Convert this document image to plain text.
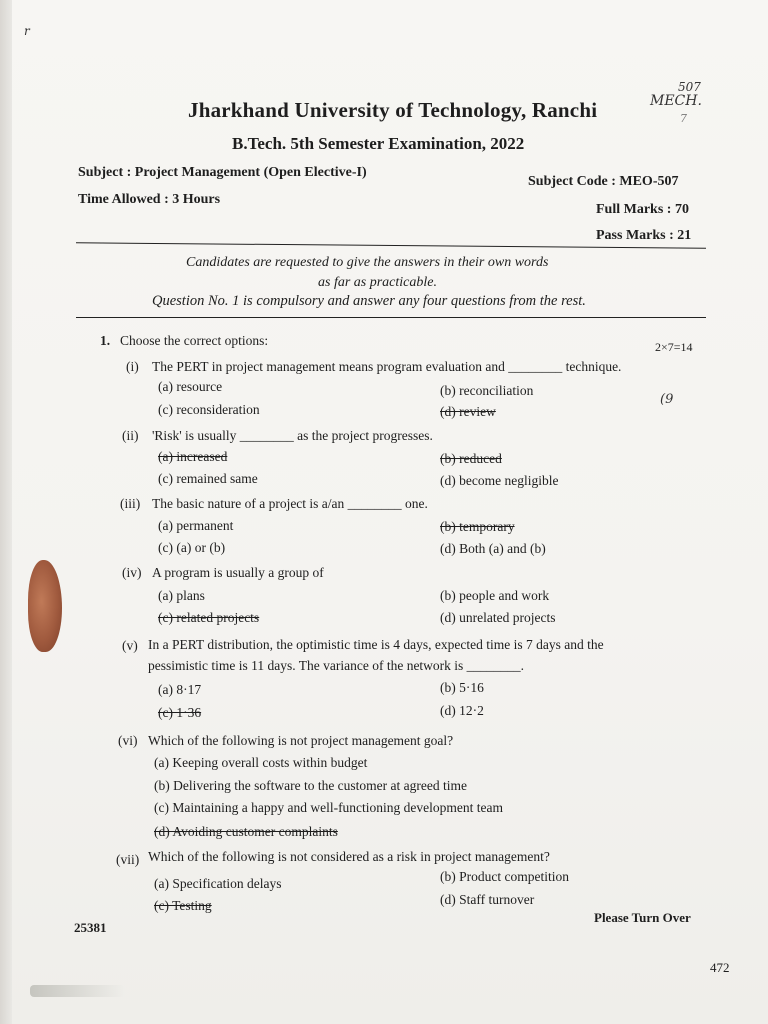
r
507
MECH.
7
Jharkhand University of Technology, Ranchi
B.Tech. 5th Semester Examination, 2022
Subject : Project Management (Open Elective-I)
Subject Code : MEO-507
Time Allowed : 3 Hours
Full Marks : 70
Pass Marks : 21
Candidates are requested to give the answers in their own words
as far as practicable.
Question No. 1 is compulsory and answer any four questions from the rest.
1. Choose the correct options:	2×7=14
(9
(i) The PERT in project management means program evaluation and ________ technique.
(a) resource	(b) reconciliation
(c) reconsideration	(d) review
(ii) 'Risk' is usually ________ as the project progresses.
(a) increased	(b) reduced
(c) remained same	(d) become negligible
(iii) The basic nature of a project is a/an ________ one.
(a) permanent	(b) temporary
(c) (a) or (b)	(d) Both (a) and (b)
(iv) A program is usually a group of
(a) plans	(b) people and work
(c) related projects	(d) unrelated projects
(v) In a PERT distribution, the optimistic time is 4 days, expected time is 7 days and the
pessimistic time is 11 days. The variance of the network is ________.
(a) 8·17	(b) 5·16
(c) 1·36	(d) 12·2
(vi) Which of the following is not project management goal?
(a) Keeping overall costs within budget
(b) Delivering the software to the customer at agreed time
(c) Maintaining a happy and well-functioning development team
(d) Avoiding customer complaints
(vii) Which of the following is not considered as a risk in project management?
(a) Specification delays	(b) Product competition
(c) Testing	(d) Staff turnover
25381
Please Turn Over
472
